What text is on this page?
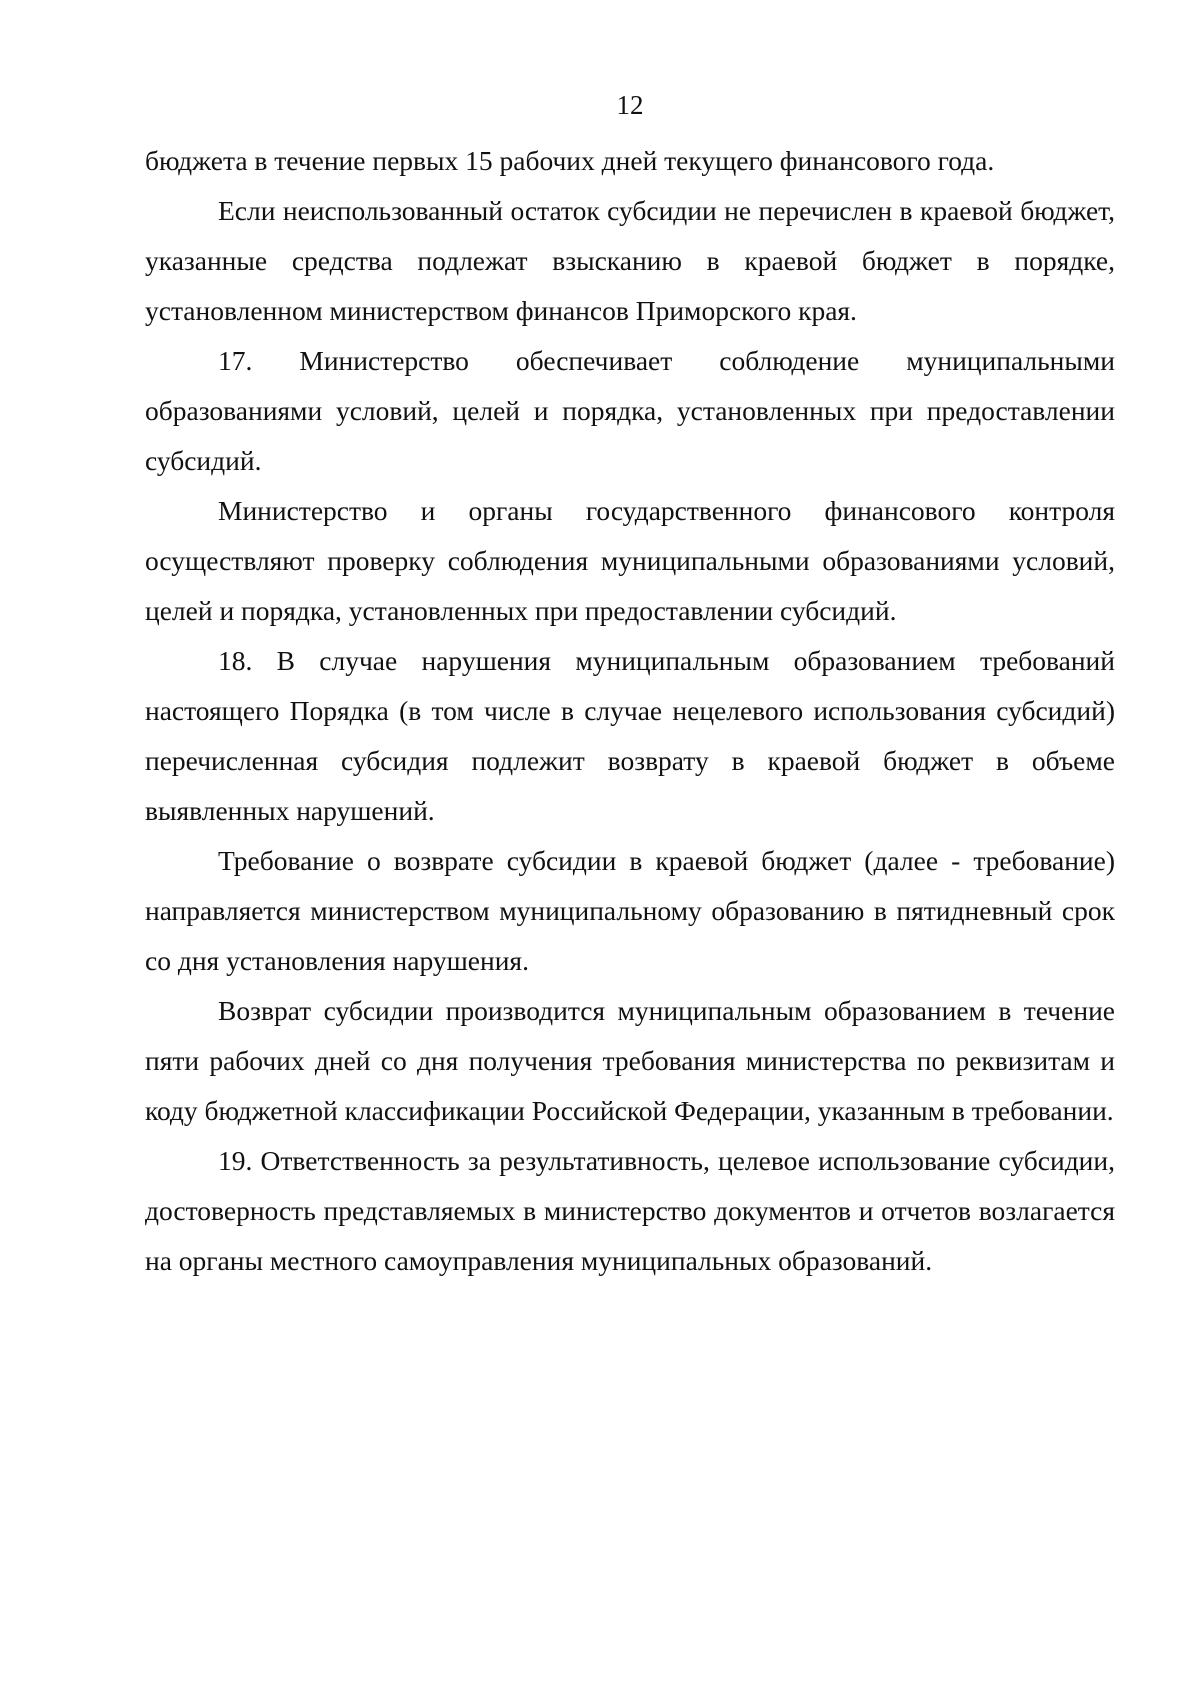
12

бюджета в течение первых 15 рабочих дней текущего финансового года.

Если неиспользованный остаток субсидии не перечислен в краевой бюджет, указанные средства подлежат взысканию в краевой бюджет в порядке, установленном министерством финансов Приморского края.

17. Министерство обеспечивает соблюдение муниципальными образованиями условий, целей и порядка, установленных при предоставлении субсидий.

Министерство и органы государственного финансового контроля осуществляют проверку соблюдения муниципальными образованиями условий, целей и порядка, установленных при предоставлении субсидий.

18. В случае нарушения муниципальным образованием требований настоящего Порядка (в том числе в случае нецелевого использования субсидий) перечисленная субсидия подлежит возврату в краевой бюджет в объеме выявленных нарушений.

Требование о возврате субсидии в краевой бюджет (далее - требование) направляется министерством муниципальному образованию в пятидневный срок со дня установления нарушения.

Возврат субсидии производится муниципальным образованием в течение пяти рабочих дней со дня получения требования министерства по реквизитам и коду бюджетной классификации Российской Федерации, указанным в требовании.

19. Ответственность за результативность, целевое использование субсидии, достоверность представляемых в министерство документов и отчетов возлагается на органы местного самоуправления муниципальных образований.
